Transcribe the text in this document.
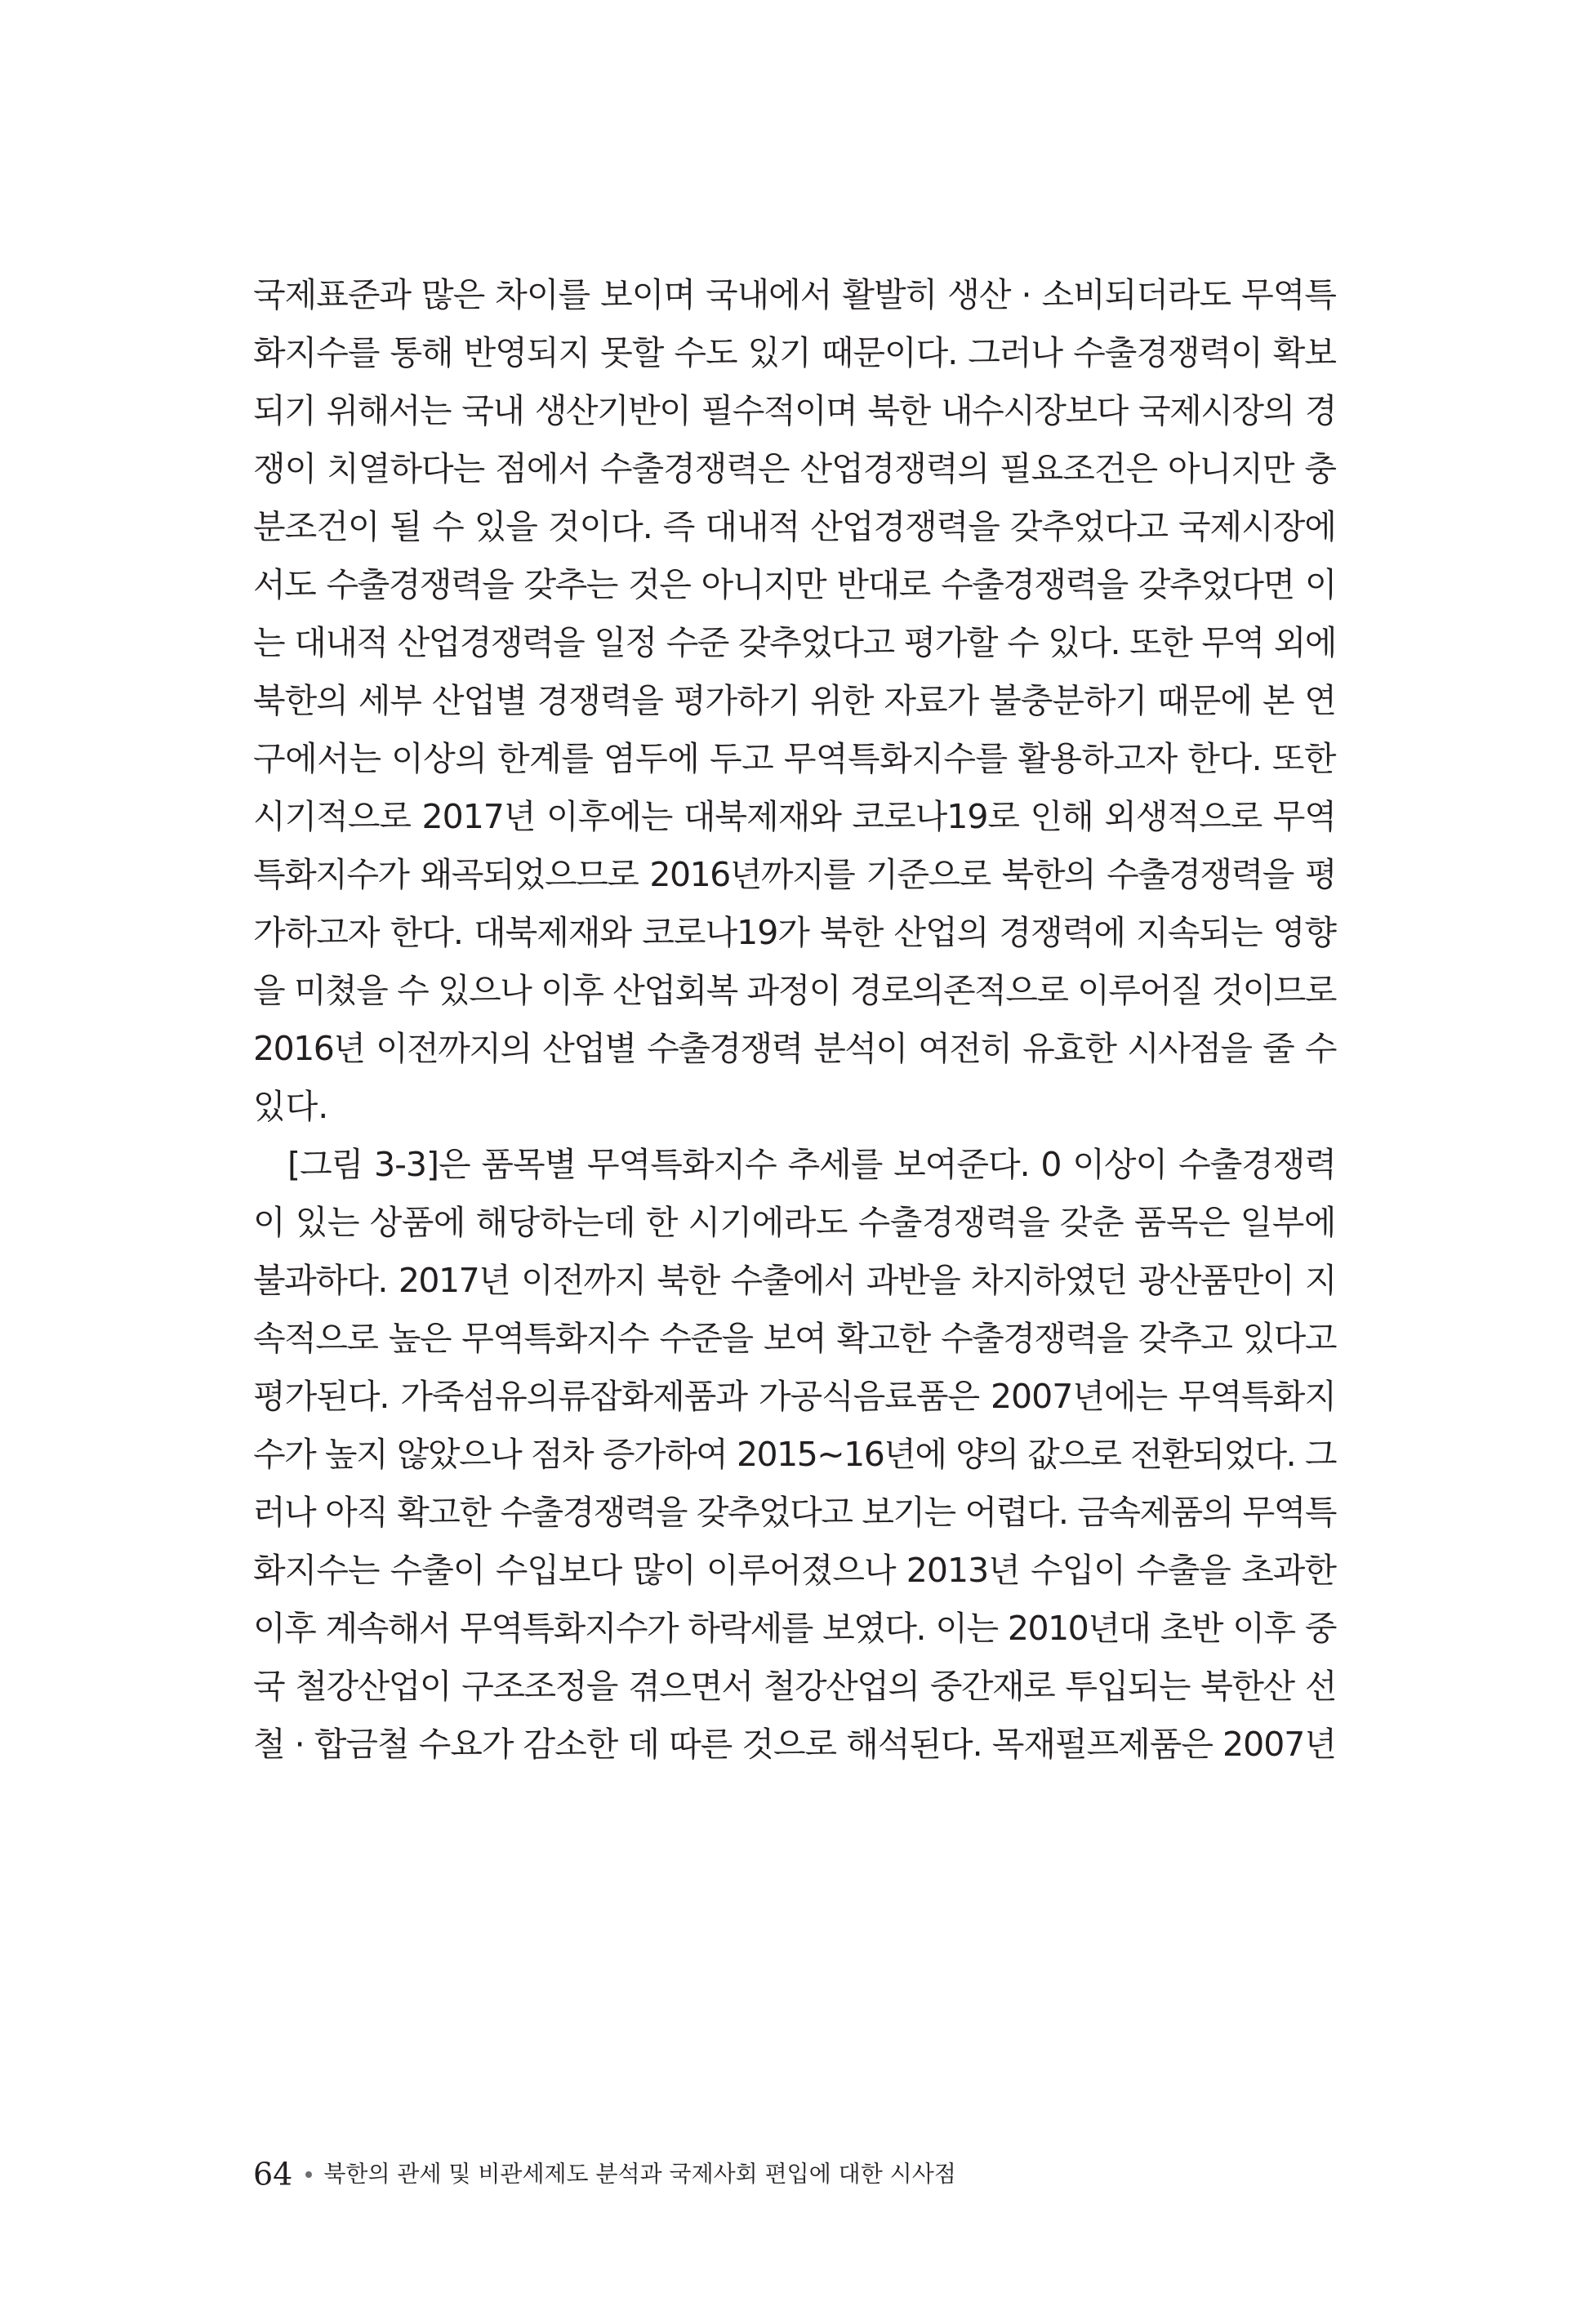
국제표준과 많은 차이를 보이며 국내에서 활발히 생산 · 소비되더라도 무역특
화지수를 통해 반영되지 못할 수도 있기 때문이다. 그러나 수출경쟁력이 확보
되기 위해서는 국내 생산기반이 필수적이며 북한 내수시장보다 국제시장의 경
쟁이 치열하다는 점에서 수출경쟁력은 산업경쟁력의 필요조건은 아니지만 충
분조건이 될 수 있을 것이다. 즉 대내적 산업경쟁력을 갖추었다고 국제시장에
서도 수출경쟁력을 갖추는 것은 아니지만 반대로 수출경쟁력을 갖추었다면 이
는 대내적 산업경쟁력을 일정 수준 갖추었다고 평가할 수 있다. 또한 무역 외에
북한의 세부 산업별 경쟁력을 평가하기 위한 자료가 불충분하기 때문에 본 연
구에서는 이상의 한계를 염두에 두고 무역특화지수를 활용하고자 한다. 또한
시기적으로 2017년 이후에는 대북제재와 코로나19로 인해 외생적으로 무역
특화지수가 왜곡되었으므로 2016년까지를 기준으로 북한의 수출경쟁력을 평
가하고자 한다. 대북제재와 코로나19가 북한 산업의 경쟁력에 지속되는 영향
을 미쳤을 수 있으나 이후 산업회복 과정이 경로의존적으로 이루어질 것이므로
2016년 이전까지의 산업별 수출경쟁력 분석이 여전히 유효한 시사점을 줄 수
있다.
[그림 3-3]은 품목별 무역특화지수 추세를 보여준다. 0 이상이 수출경쟁력
이 있는 상품에 해당하는데 한 시기에라도 수출경쟁력을 갖춘 품목은 일부에
불과하다. 2017년 이전까지 북한 수출에서 과반을 차지하였던 광산품만이 지
속적으로 높은 무역특화지수 수준을 보여 확고한 수출경쟁력을 갖추고 있다고
평가된다. 가죽섬유의류잡화제품과 가공식음료품은 2007년에는 무역특화지
수가 높지 않았으나 점차 증가하여 2015~16년에 양의 값으로 전환되었다. 그
러나 아직 확고한 수출경쟁력을 갖추었다고 보기는 어렵다. 금속제품의 무역특
화지수는 수출이 수입보다 많이 이루어졌으나 2013년 수입이 수출을 초과한
이후 계속해서 무역특화지수가 하락세를 보였다. 이는 2010년대 초반 이후 중
국 철강산업이 구조조정을 겪으면서 철강산업의 중간재로 투입되는 북한산 선
철 · 합금철 수요가 감소한 데 따른 것으로 해석된다. 목재펄프제품은 2007년
64 북한의 관세 및 비관세제도 분석과 국제사회 편입에 대한 시사점
